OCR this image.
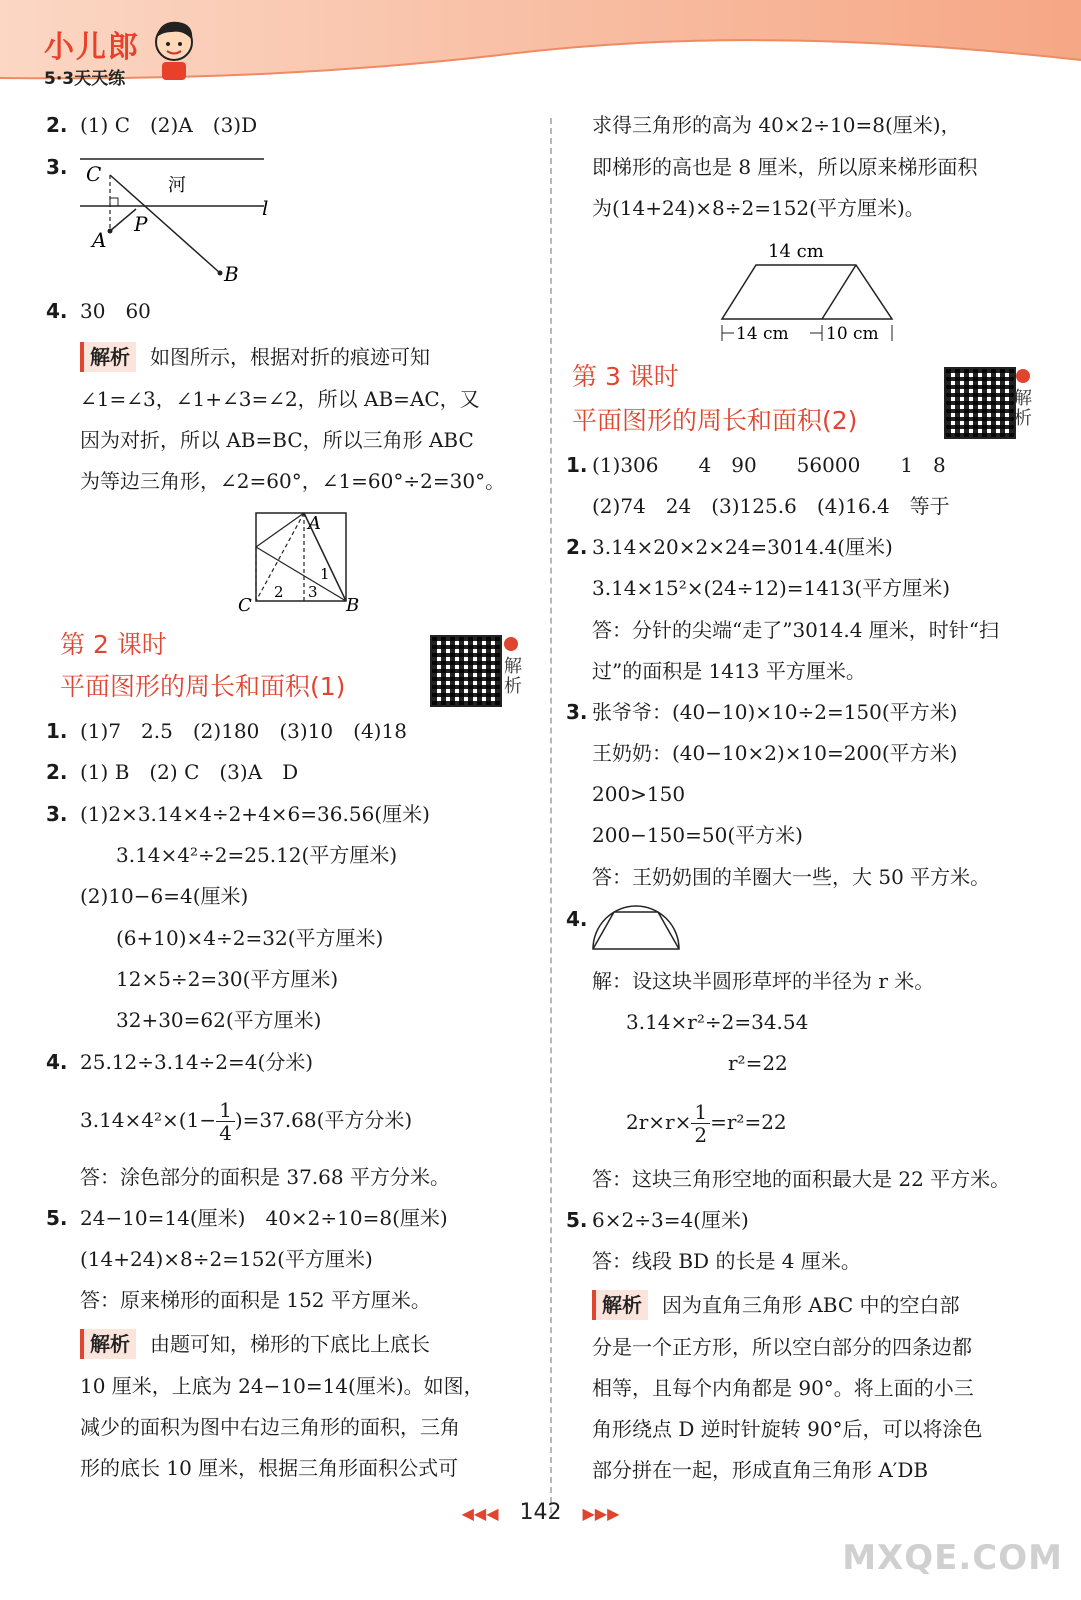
小儿郎
5·3天天练
2. (1) C　(2)A　(3)D
3. C	河
l
P
A
B
4. 30　60
解析 如图所示，根据对折的痕迹可知
∠1=∠3，∠1+∠3=∠2，所以 AB=AC，又
因为对折，所以 AB=BC，所以三角形 ABC
为等边三角形，∠2=60°，∠1=60°÷2=30°。
A
C	B
1
2 3
第 2 课时
平面图形的周长和面积(1)
解析
1. (1)7　2.5　(2)180　(3)10　(4)18
2. (1) B　(2) C　(3)A　D
3. (1)2×3.14×4÷2+4×6=36.56(厘米)
3.14×4²÷2=25.12(平方厘米)
(2)10−6=4(厘米)
(6+10)×4÷2=32(平方厘米)
12×5÷2=30(平方厘米)
32+30=62(平方厘米)
4. 25.12÷3.14÷2=4(分米)
$3.14\times 4^2\times(1- \frac{1}{4} )=37.68$(平方分米)
答：涂色部分的面积是 37.68 平方分米。
5. 24−10=14(厘米)　40×2÷10=8(厘米)
(14+24)×8÷2=152(平方厘米)
答：原来梯形的面积是 152 平方厘米。
解析 由题可知，梯形的下底比上底长
10 厘米，上底为 24−10=14(厘米)。如图，
减少的面积为图中右边三角形的面积，三角
形的底长 10 厘米，根据三角形面积公式可
求得三角形的高为 40×2÷10=8(厘米)，
即梯形的高也是 8 厘米，所以原来梯形面积
为(14+24)×8÷2=152(平方厘米)。
14 cm
14 cm 10 cm
第 3 课时
平面图形的周长和面积(2)
解析
1. (1)306　　4　90　　56000　　1　8
(2)74　24　(3)125.6　(4)16.4　等于
2. 3.14×20×2×24=3014.4(厘米)
3.14×15²×(24÷12)=1413(平方厘米)
答：分针的尖端“走了”3014.4 厘米，时针“扫
过”的面积是 1413 平方厘米。
3. 张爷爷：(40−10)×10÷2=150(平方米)
王奶奶：(40−10×2)×10=200(平方米)
200>150
200−150=50(平方米)
答：王奶奶围的羊圈大一些，大 50 平方米。
4.
解：设这块半圆形草坪的半径为 r 米。
3.14×r²÷2=34.54
r²=22
$2r\times r\times \frac{1}{2} =r^2=22$
答：这块三角形空地的面积最大是 22 平方米。
5. 6×2÷3=4(厘米)
答：线段 BD 的长是 4 厘米。
解析 因为直角三角形 ABC 中的空白部
分是一个正方形，所以空白部分的四条边都
相等，且每个内角都是 90°。将上面的小三
角形绕点 D 逆时针旋转 90°后，可以将涂色
部分拼在一起，形成直角三角形 A′DB
◀◀◀ 142 ▶▶▶
MXQE.COM
